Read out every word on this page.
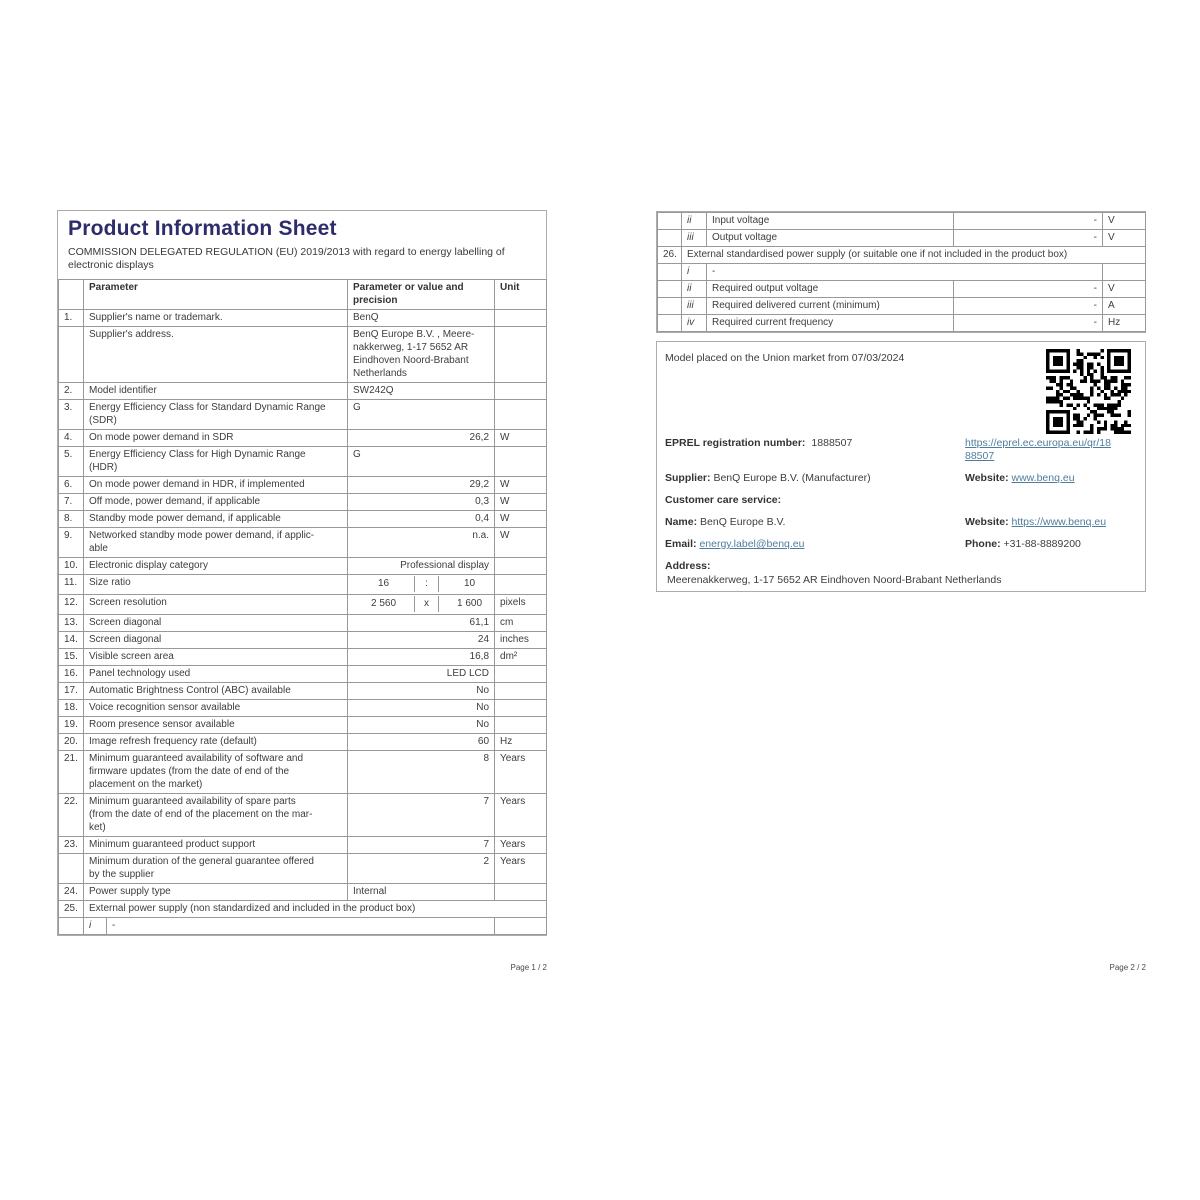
Product Information Sheet

COMMISSION DELEGATED REGULATION (EU) 2019/2013 with regard to energy labelling of
electronic displays

	Parameter		Parameter or value and precision	Unit
1.	Supplier's name or trademark.		BenQ	
	Supplier's address.		BenQ Europe B.V. , Meere-
nakkerweg, 1-17 5652 AR
Eindhoven Noord-Brabant
Netherlands	
2.	Model identifier		SW242Q	
3.	Energy Efficiency Class for Standard Dynamic Range
(SDR)		G	
4.	On mode power demand in SDR		26,2	W
5.	Energy Efficiency Class for High Dynamic Range
(HDR)		G	
6.	On mode power demand in HDR, if implemented		29,2	W
7.	Off mode, power demand, if applicable		0,3	W
8.	Standby mode power demand, if applicable		0,4	W
9.	Networked standby mode power demand, if applic-
able		n.a.	W
10.	Electronic display category		Professional display	
11.	Size ratio		16 : 10	

12.	Screen resolution		2 560 x 1 600	pixels
13.	Screen diagonal		61,1	cm
14.	Screen diagonal		24	inches
15.	Visible screen area		16,8	dm²
16.	Panel technology used		LED LCD	
17.	Automatic Brightness Control (ABC) available		No	
18.	Voice recognition sensor available		No	
19.	Room presence sensor available		No	
20.	Image refresh frequency rate (default)		60	Hz
21.	Minimum guaranteed availability of software and
firmware updates (from the date of end of the
placement on the market)		8	Years
22.	Minimum guaranteed availability of spare parts
(from the date of end of the placement on the mar-
ket)		7	Years
23.	Minimum guaranteed product support		7	Years
	Minimum duration of the general guarantee offered
by the supplier		2	Years
24.	Power supply type		Internal	
25.	External power supply (non standardized and included in the product box)			
	i	-		
Page 1 / 2
	ii	Input voltage	-	V
	iii	Output voltage	-	V
26.	External standardised power supply (or suitable one if not included in the product box)			
	i	-		
	ii	Required output voltage	-	V
	iii	Required delivered current (minimum)	-	A
	iv	Required current frequency	-	Hz
Model placed on the Union market from 07/03/2024
EPREL registration number: 1888507	https://eprel.ec.europa.eu/qr/18
88507
Supplier: BenQ Europe B.V. (Manufacturer)	Website: www.benq.eu
Customer care service:
Name: BenQ Europe B.V.	Website: https://www.benq.eu
Email: energy.label@benq.eu	Phone: +31-88-8889200
Address:
Meerenakkerweg, 1-17 5652 AR Eindhoven Noord-Brabant Netherlands
Page 2 / 2
